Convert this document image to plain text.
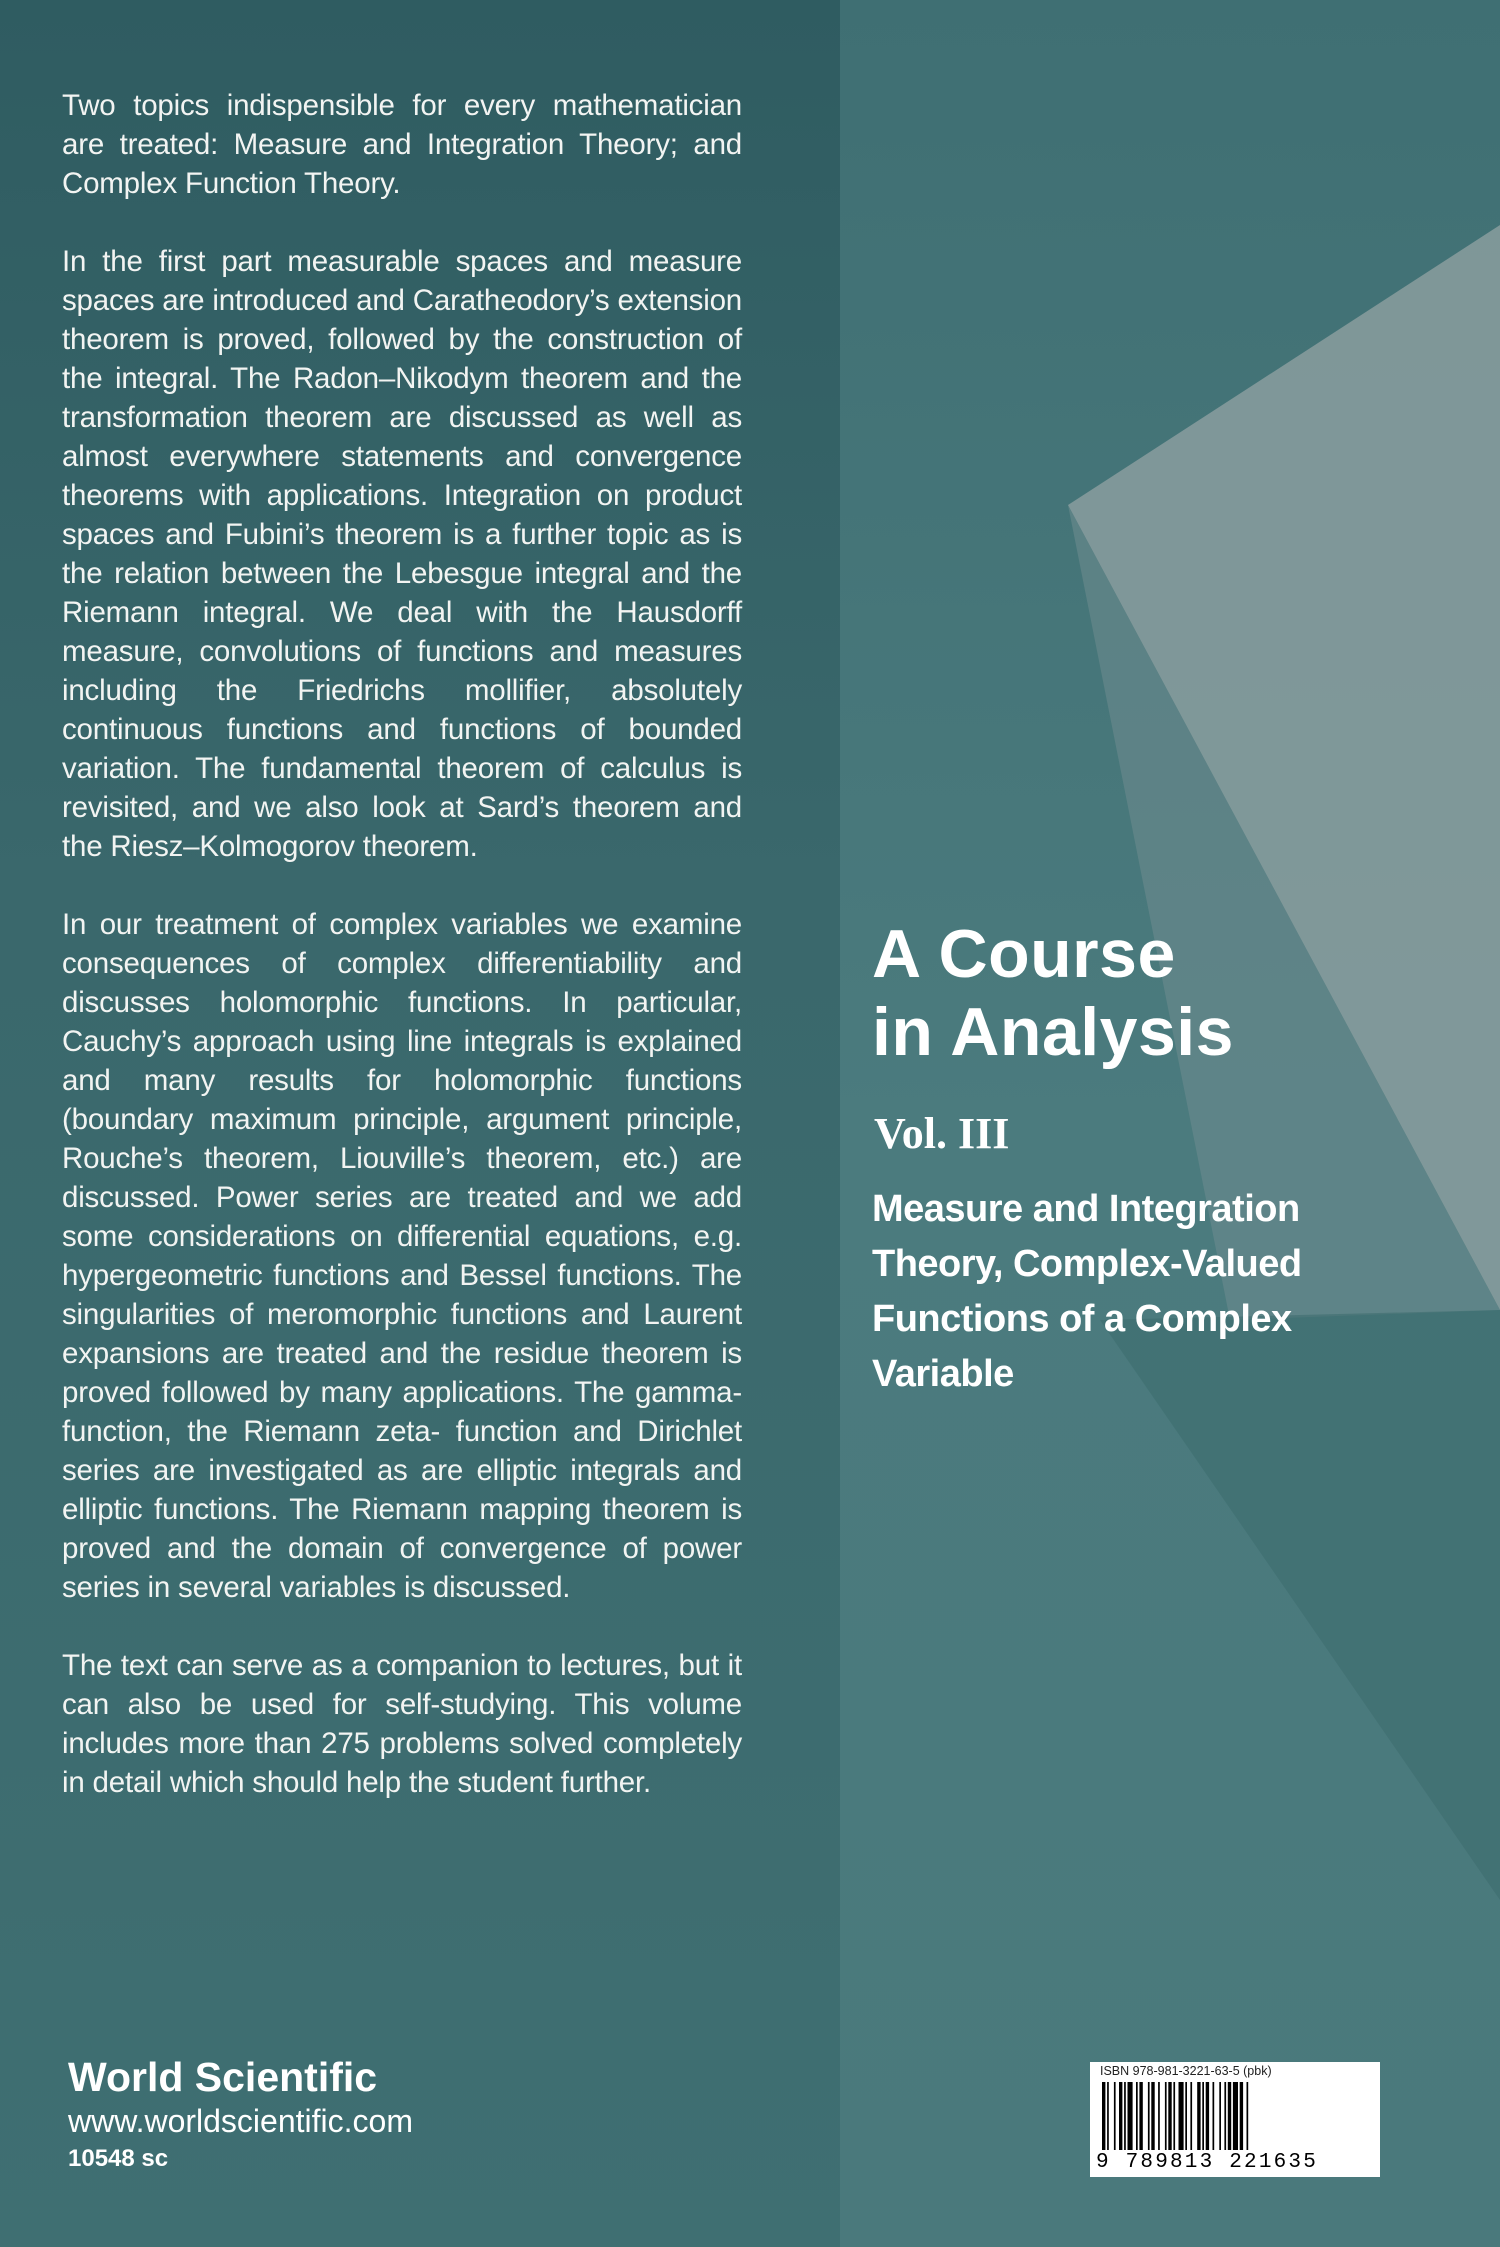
Two topics indispensible for every mathematician are treated: Measure and Integration Theory; and Complex Function Theory.

In the first part measurable spaces and measure spaces are introduced and Caratheodory’s extension theorem is proved, followed by the construction of the integral. The Radon–Nikodym theorem and the transformation theorem are discussed as well as almost everywhere statements and convergence theorems with applications. Integration on product spaces and Fubini’s theorem is a further topic as is the relation between the Lebesgue integral and the Riemann integral. We deal with the Hausdorff measure, convolutions of functions and measures including the Friedrichs mollifier, absolutely continuous functions and functions of bounded variation. The fundamental theorem of calculus is revisited, and we also look at Sard’s theorem and the Riesz–Kolmogorov theorem.

In our treatment of complex variables we examine consequences of complex differentiability and discusses holomorphic functions. In particular, Cauchy’s approach using line integrals is explained and many results for holomorphic functions (boundary maximum principle, argument principle, Rouche’s theorem, Liouville’s theorem, etc.) are discussed. Power series are treated and we add some considerations on differential equations, e.g. hypergeometric functions and Bessel functions. The singularities of meromorphic functions and Laurent expansions are treated and the residue theorem is proved followed by many applications. The gamma-function, the Riemann zeta- function and Dirichlet series are investigated as are elliptic integrals and elliptic functions. The Riemann mapping theorem is proved and the domain of convergence of power series in several variables is discussed.

The text can serve as a companion to lectures, but it can also be used for self-studying. This volume includes more than 275 problems solved completely in detail which should help the student further.

A Course
in Analysis
Vol. III
Measure and Integration
Theory, Complex-Valued
Functions of a Complex
Variable
World Scientific
www.worldscientific.com
10548 sc
ISBN 978-981-3221-63-5 (pbk)
9 789813 221635
